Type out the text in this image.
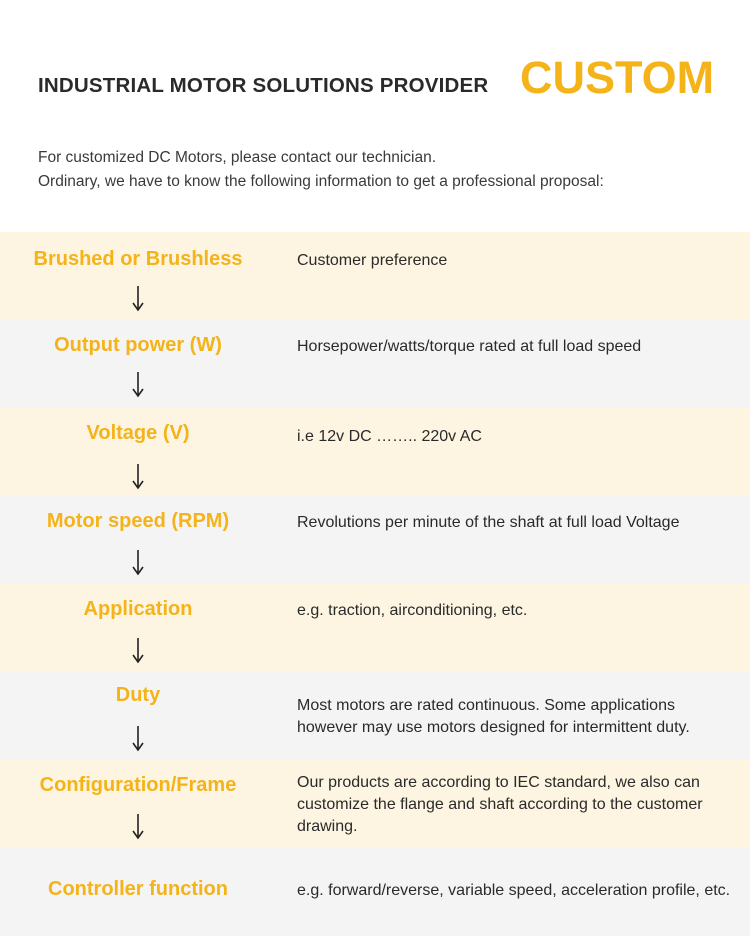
INDUSTRIAL MOTOR SOLUTIONS PROVIDER CUSTOM
For customized DC Motors, please contact our technician.
Ordinary, we have to know the following information to get a professional proposal:
Brushed or Brushless	Customer preference
Output power (W)	Horsepower/watts/torque rated at full load speed
Voltage (V)	i.e 12v DC …….. 220v AC
Motor speed (RPM)	Revolutions per minute of the shaft at full load Voltage
Application	e.g. traction, airconditioning, etc.
Duty	Most motors are rated continuous. Some applications however may use motors designed for intermittent duty.
Configuration/Frame	Our products are according to IEC standard, we also can customize the flange and shaft according to the customer drawing.
Controller function	e.g. forward/reverse, variable speed, acceleration profile, etc.
